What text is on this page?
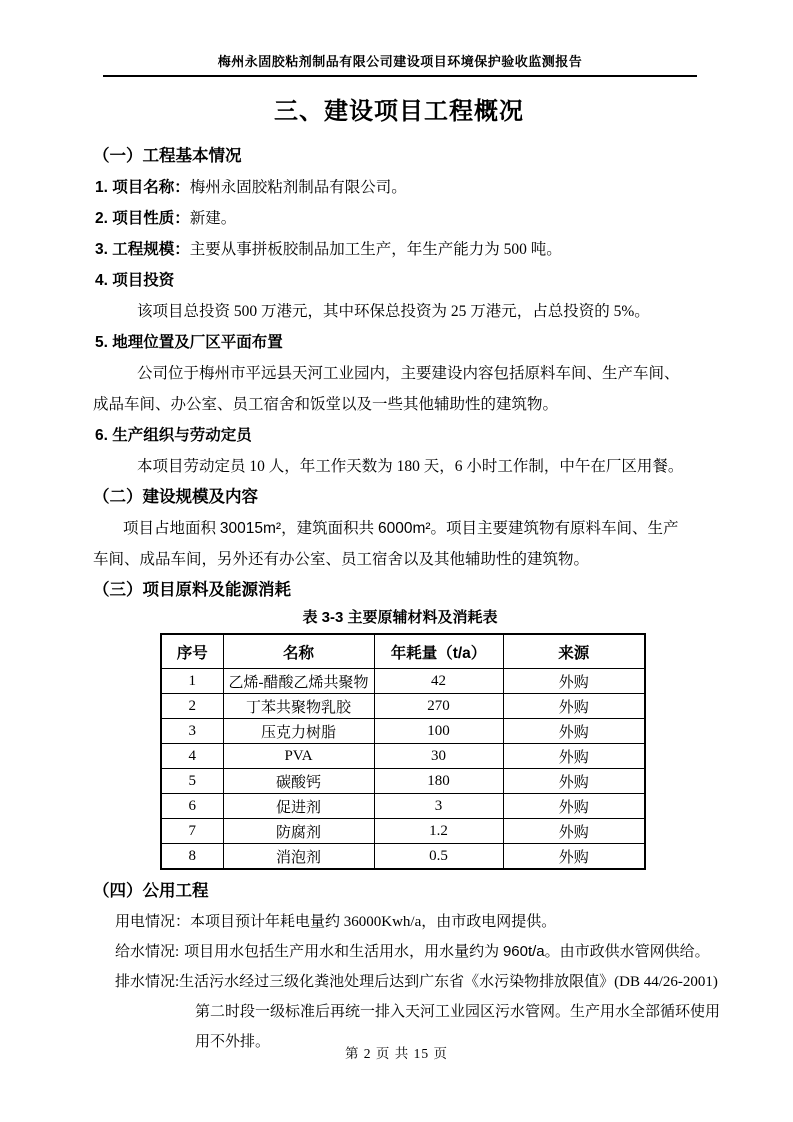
梅州永固胶粘剂制品有限公司建设项目环境保护验收监测报告
三、建设项目工程概况
（一）工程基本情况
1. 项目名称：梅州永固胶粘剂制品有限公司。
2. 项目性质：新建。
3. 工程规模：主要从事拼板胶制品加工生产，年生产能力为 500 吨。
4. 项目投资
该项目总投资 500 万港元，其中环保总投资为 25 万港元，占总投资的 5%。
5. 地理位置及厂区平面布置
公司位于梅州市平远县天河工业园内，主要建设内容包括原料车间、生产车间、
成品车间、办公室、员工宿舍和饭堂以及一些其他辅助性的建筑物。
6. 生产组织与劳动定员
本项目劳动定员 10 人，年工作天数为 180 天，6 小时工作制，中午在厂区用餐。
（二）建设规模及内容
项目占地面积 30015m²，建筑面积共 6000m²。项目主要建筑物有原料车间、生产
车间、成品车间，另外还有办公室、员工宿舍以及其他辅助性的建筑物。
（三）项目原料及能源消耗
表 3-3 主要原辅材料及消耗表
序号	名称	年耗量（t/a）	来源
1	乙烯-醋酸乙烯共聚物	42	外购
2	丁苯共聚物乳胶	270	外购
3	压克力树脂	100	外购
4	PVA	30	外购
5	碳酸钙	180	外购
6	促进剂	3	外购
7	防腐剂	1.2	外购
8	消泡剂	0.5	外购
（四）公用工程
用电情况：本项目预计年耗电量约 36000Kwh/a，由市政电网提供。
给水情况: 项目用水包括生产用水和生活用水，用水量约为 960t/a。由市政供水管网供给。
排水情况:生活污水经过三级化粪池处理后达到广东省《水污染物排放限值》(DB 44/26-2001)
第二时段一级标准后再统一排入天河工业园区污水管网。生产用水全部循环使用
用不外排。
第 2 页 共 15 页
